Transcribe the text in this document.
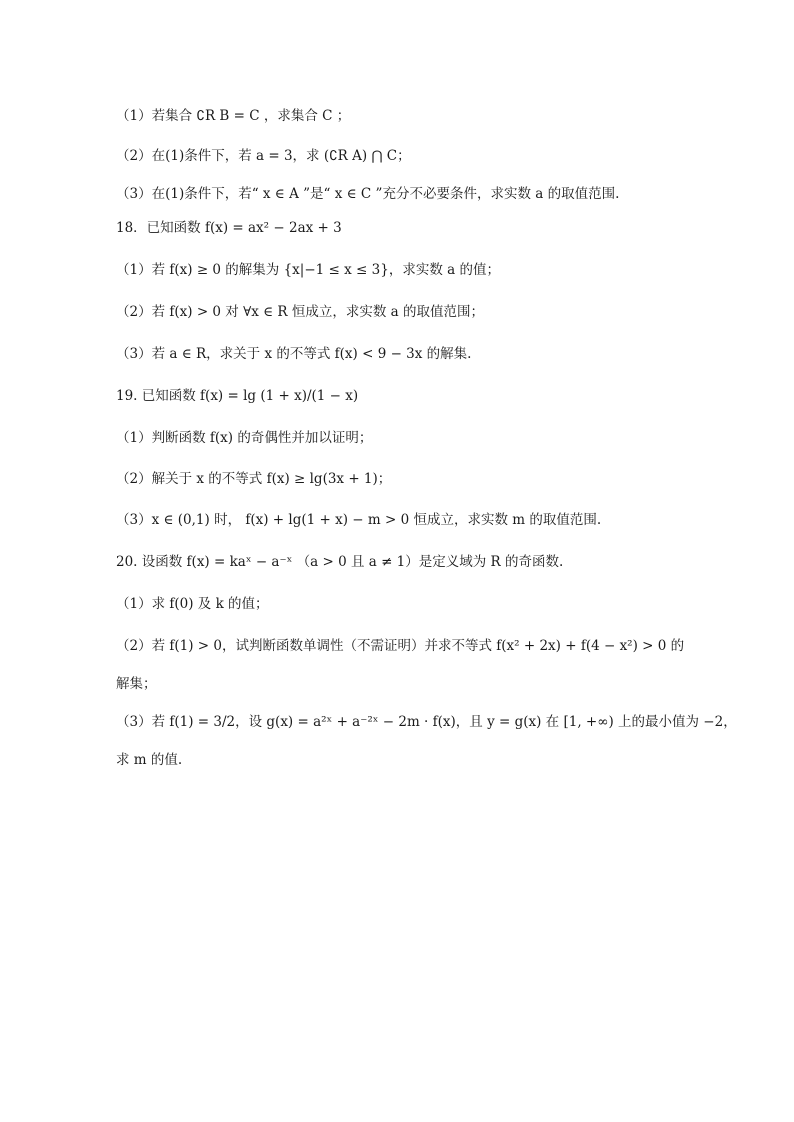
（1）若集合 ∁R B = C ，求集合 C ；
（2）在(1)条件下，若 a = 3，求 (∁R A) ⋂ C；
（3）在(1)条件下，若“ x ∈ A ”是“ x ∈ C ”充分不必要条件，求实数 a 的取值范围.
18．已知函数 f(x) = ax² − 2ax + 3
（1）若 f(x) ≥ 0 的解集为 {x|−1 ≤ x ≤ 3}，求实数 a 的值；
（2）若 f(x) > 0 对 ∀x ∈ R 恒成立，求实数 a 的取值范围；
（3）若 a ∈ R，求关于 x 的不等式 f(x) < 9 − 3x 的解集.
19. 已知函数 f(x) = lg (1 + x)/(1 − x)
（1）判断函数 f(x) 的奇偶性并加以证明；
（2）解关于 x 的不等式 f(x) ≥ lg(3x + 1)；
（3）x ∈ (0,1) 时， f(x) + lg(1 + x) − m > 0 恒成立，求实数 m 的取值范围.
20. 设函数 f(x) = kaˣ − a⁻ˣ （a > 0 且 a ≠ 1）是定义域为 R 的奇函数.
（1）求 f(0) 及 k 的值；
（2）若 f(1) > 0，试判断函数单调性（不需证明）并求不等式 f(x² + 2x) + f(4 − x²) > 0 的
解集；
（3）若 f(1) = 3/2，设 g(x) = a²ˣ + a⁻²ˣ − 2m · f(x)，且 y = g(x) 在 [1, +∞) 上的最小值为 −2，
求 m 的值.
